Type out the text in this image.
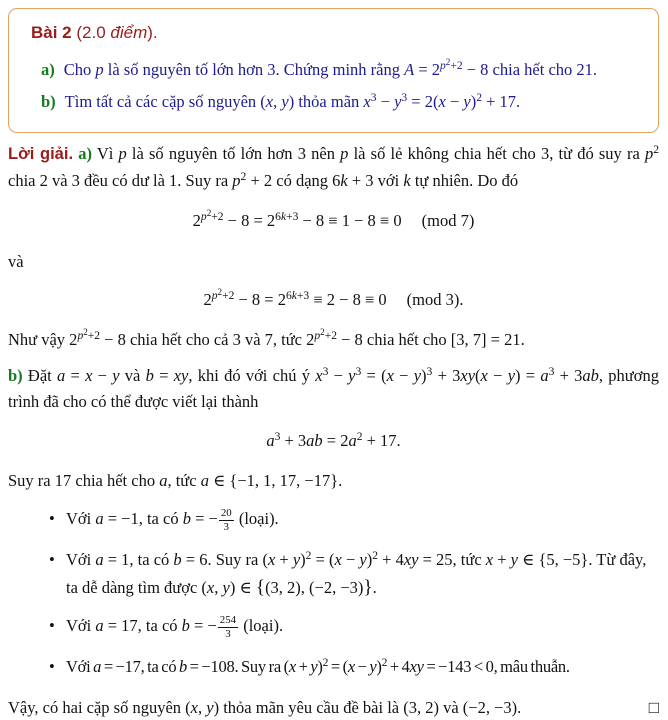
Bài 2 (2.0 điểm).
a) Cho p là số nguyên tố lớn hơn 3. Chứng minh rằng $A = 2^{p2+2} - 8$ chia hết cho 21.
b) Tìm tất cả các cặp số nguyên (x, y) thỏa mãn $x^3 - y^3 = 2(x - y)^2 + 17$.
Lời giải. a) Vì p là số nguyên tố lớn hơn 3 nên p là số lẻ không chia hết cho 3, từ đó suy ra $p^2$ chia 2 và 3 đều có dư là 1. Suy ra $p^2 + 2$ có dạng 6k + 3 với k tự nhiên. Do đó
$2^{p2+2} - 8 = 2^{6k+3} - 8 \equiv 1 - 8 \equiv 0$ (mod 7)
và
$2^{p2+2} - 8 = 2^{6k+3} \equiv 2 - 8 \equiv 0$ (mod 3).
Như vậy $2^{p2+2} - 8$ chia hết cho cả 3 và 7, tức $2^{p2+2} - 8$ chia hết cho [3, 7] = 21.
b) Đặt a = x − y và b = xy, khi đó với chú ý $x^3 - y^3 = (x - y)^3 + 3xy(x - y) = a^3 + 3ab$, phương trình đã cho có thể được viết lại thành
$a^3 + 3ab = 2a^2 + 17$.
Suy ra 17 chia hết cho a, tức a ∈ {−1, 1, 17, −17}.
• Với a = −1, ta có b = − $\frac{20}{3}$ (loại).
• Với a = 1, ta có b = 6. Suy ra $(x + y)^2 = (x - y)^2 + 4xy = 25$, tức x + y ∈ {5, −5}. Từ đây, ta dễ dàng tìm được (x, y) ∈ {(3, 2), (−2, −3)}.
• Với a = 17, ta có b = − $\frac{254}{3}$ (loại).
• Với a = −17, ta có b = −108. Suy ra $(x + y)^2 = (x - y)^2 + 4xy = -143 < 0$, mâu thuẫn.
Vậy, có hai cặp số nguyên (x, y) thỏa mãn yêu cầu đề bài là (3, 2) và (−2, −3).	□
